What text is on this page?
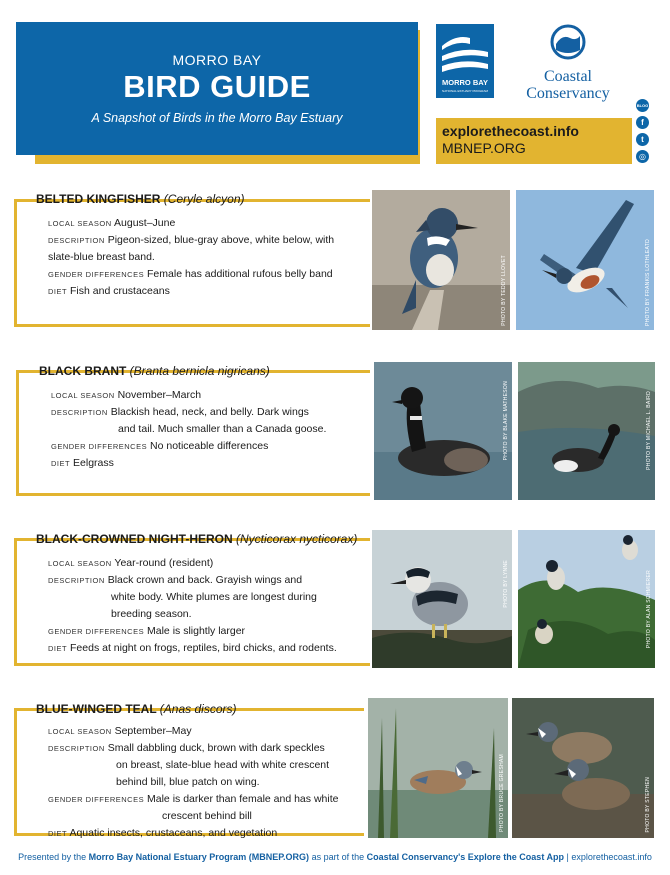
MORRO BAY
BIRD GUIDE
A Snapshot of Birds in the Morro Bay Estuary
MORRO BAY
NATIONAL ESTUARY PROGRAM
Coastal
Conservancy
BLOG
f
t
◎
explorethecoast.info
MBNEP.ORG
BELTED KINGFISHER (Ceryle alcyon)
LOCAL SEASON August–June
DESCRIPTION Pigeon-sized, blue-gray above, white below, with
slate-blue breast band.
GENDER DIFFERENCES Female has additional rufous belly band
DIET Fish and crustaceans	PHOTO BY TEDDY LLOVET	PHOTO BY FRANKIS LOTHLEATD
BLACK BRANT (Branta bernicla nigricans)
LOCAL SEASON November–March
DESCRIPTION Blackish head, neck, and belly. Dark wings
and tail. Much smaller than a Canada goose.
GENDER DIFFERENCES No noticeable differences
DIET Eelgrass
PHOTO BY BLAKE MATHESON	PHOTO BY MICHAEL L. BAIRD
BLACK-CROWNED NIGHT-HERON (Nycticorax nycticorax)
LOCAL SEASON Year-round (resident)
DESCRIPTION Black crown and back. Grayish wings and
white body. White plumes are longest during
breeding season.
GENDER DIFFERENCES Male is slightly larger
DIET Feeds at night on frogs, reptiles, bird chicks, and rodents.
PHOTO BY LYNNE	PHOTO BY ALAN SCHMIERER
BLUE-WINGED TEAL (Anas discors)
LOCAL SEASON September–May
DESCRIPTION Small dabbling duck, brown with dark speckles
on breast, slate-blue head with white crescent
behind bill, blue patch on wing.
GENDER DIFFERENCES Male is darker than female and has white
crescent behind bill
DIET Aquatic insects, crustaceans, and vegetation
PHOTO BY BRUCE GRESHAM	PHOTO BY STEPHEN
Presented by the Morro Bay National Estuary Program (MBNEP.ORG) as part of the Coastal Conservancy's Explore the Coast App | explorethecoast.info
